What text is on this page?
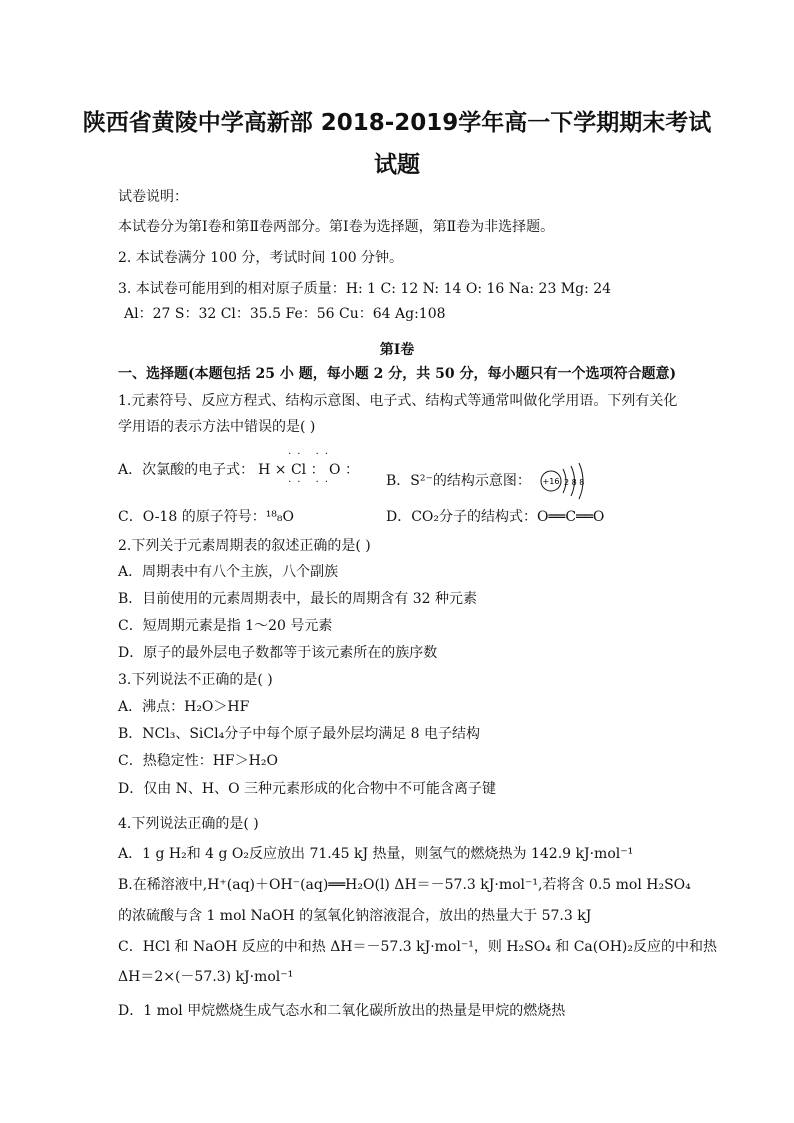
陕西省黄陵中学高新部 2018-2019学年高一下学期期末考试
试题
试卷说明：
本试卷分为第Ⅰ卷和第Ⅱ卷两部分。第Ⅰ卷为选择题，第Ⅱ卷为非选择题。
2. 本试卷满分 100 分，考试时间 100 分钟。
3. 本试卷可能用到的相对原子质量：H: 1 C: 12 N: 14 O: 16 Na: 23 Mg: 24
Al：27 S：32 Cl：35.5 Fe：56 Cu：64 Ag:108
第Ⅰ卷
一、选择题(本题包括 25 小 题，每小题 2 分，共 50 分，每小题只有一个选项符合题意)
1.元素符号、反应方程式、结构示意图、电子式、结构式等通常叫做化学用语。下列有关化
学用语的表示方法中错误的是( )
A．次氯酸的电子式：
·· ··
H × Cl ： O ：
·· ··	B．S²⁻的结构示意图： +16 2 8 8
C．O-18 的原子符号：¹⁸₈O	D．CO₂分子的结构式：O══C══O
2.下列关于元素周期表的叙述正确的是( )
A．周期表中有八个主族，八个副族
B．目前使用的元素周期表中，最长的周期含有 32 种元素
C．短周期元素是指 1～20 号元素
D．原子的最外层电子数都等于该元素所在的族序数
3.下列说法不正确的是( )
A．沸点：H₂O＞HF
B．NCl₃、SiCl₄分子中每个原子最外层均满足 8 电子结构
C．热稳定性：HF＞H₂O
D．仅由 N、H、O 三种元素形成的化合物中不可能含离子键
4.下列说法正确的是( )
A．1 g H₂和 4 g O₂反应放出 71.45 kJ 热量，则氢气的燃烧热为 142.9 kJ·mol⁻¹
B.在稀溶液中,H⁺(aq)＋OH⁻(aq)══H₂O(l) ΔH＝－57.3 kJ·mol⁻¹,若将含 0.5 mol H₂SO₄
的浓硫酸与含 1 mol NaOH 的氢氧化钠溶液混合，放出的热量大于 57.3 kJ
C．HCl 和 NaOH 反应的中和热 ΔH＝－57.3 kJ·mol⁻¹，则 H₂SO₄ 和 Ca(OH)₂反应的中和热
ΔH＝2×(－57.3) kJ·mol⁻¹
D．1 mol 甲烷燃烧生成气态水和二氧化碳所放出的热量是甲烷的燃烧热
